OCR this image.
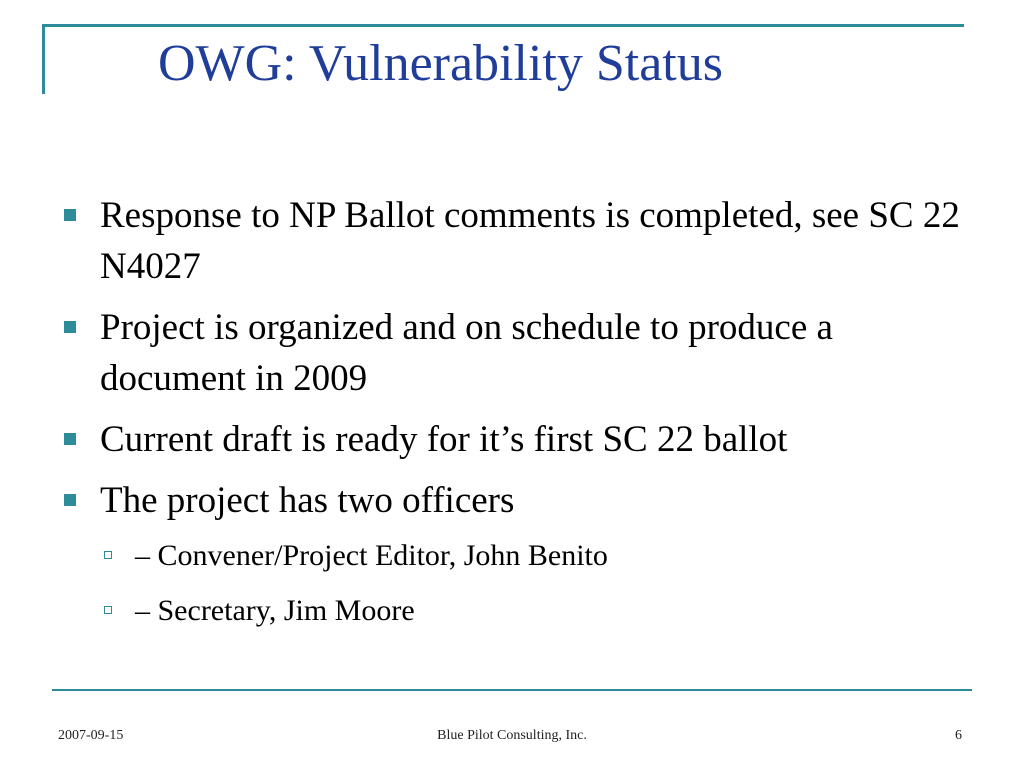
OWG: Vulnerability Status
Response to NP Ballot comments is completed, see SC 22 N4027
Project is organized and on schedule to produce a document in 2009
Current draft is ready for it’s first SC 22 ballot
The project has two officers
– Convener/Project Editor, John Benito
– Secretary, Jim Moore
2007-09-15	Blue Pilot Consulting, Inc.	6
